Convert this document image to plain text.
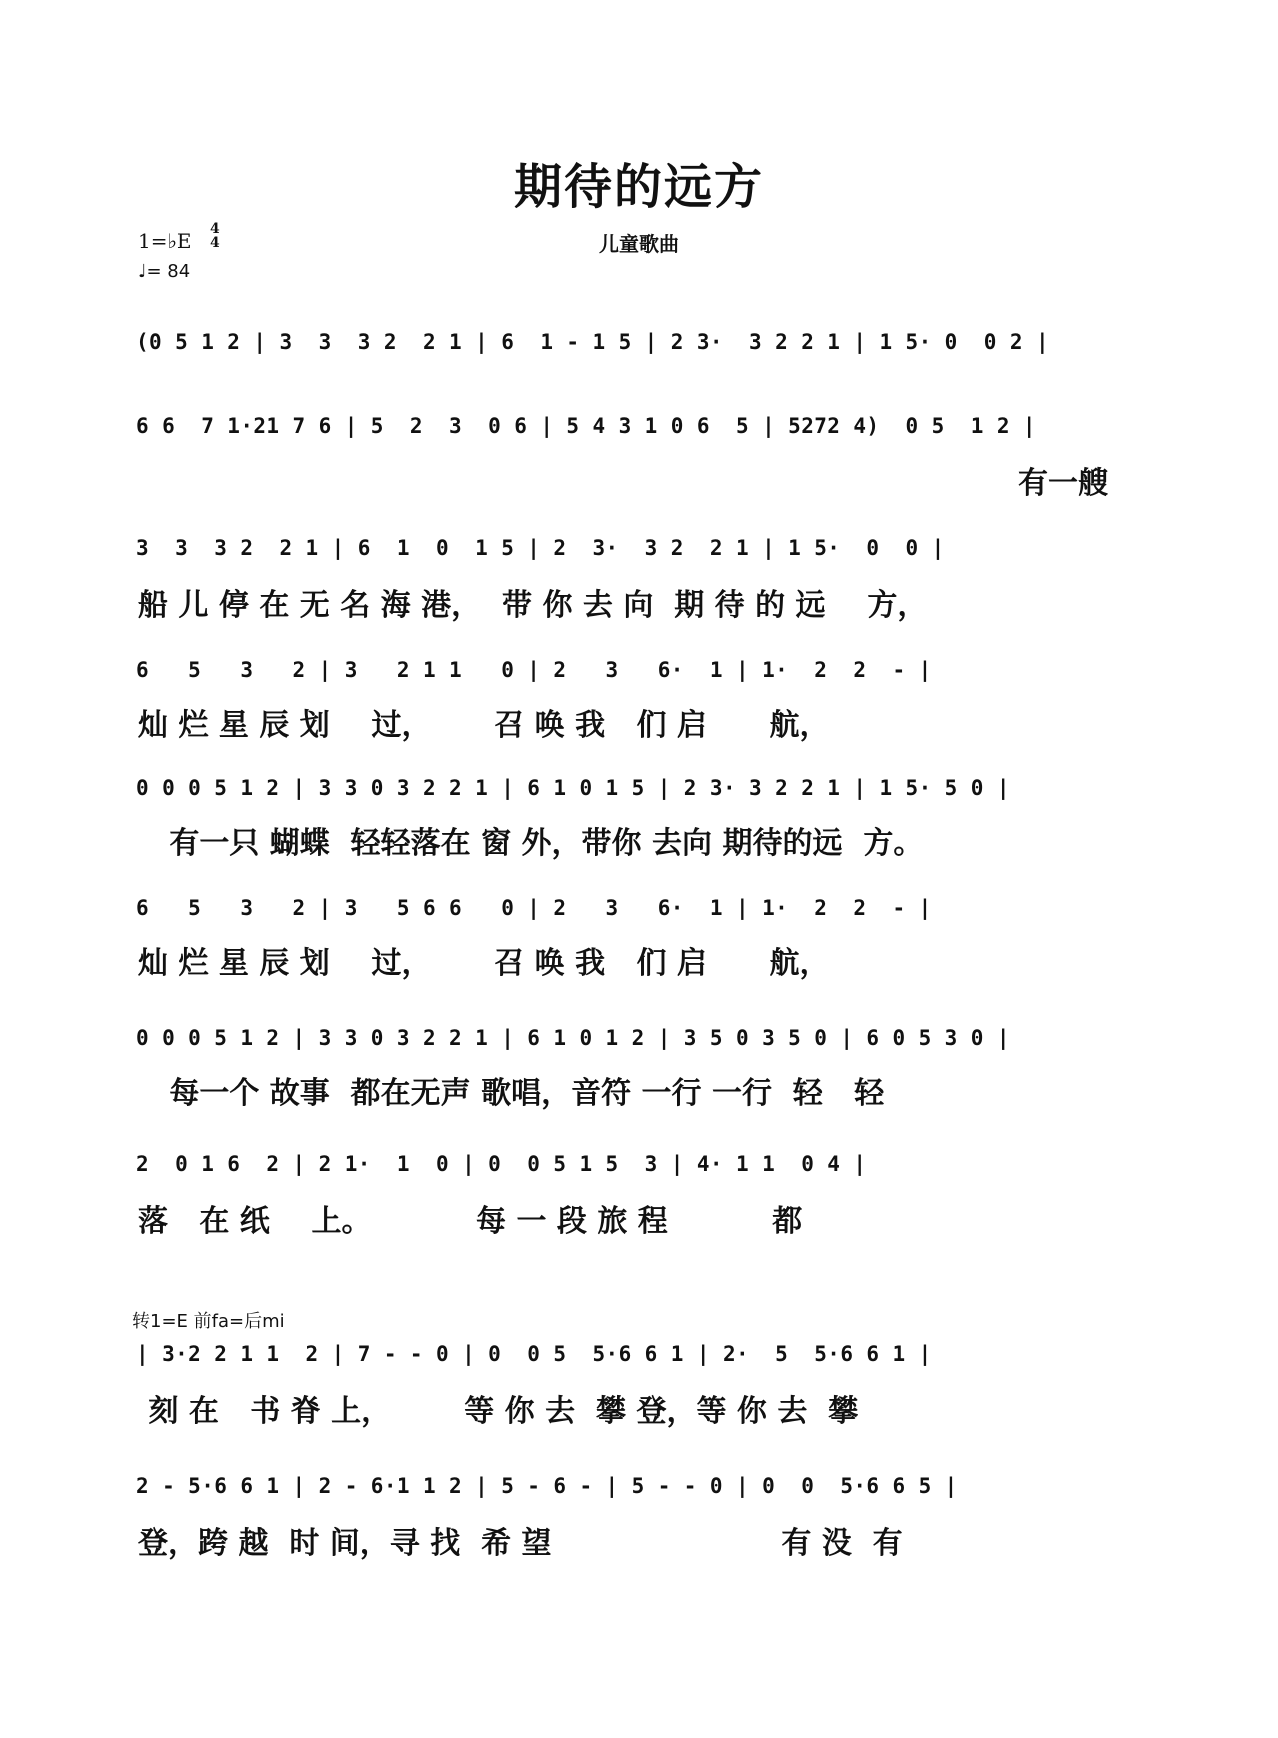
期待的远方
儿童歌曲
1=♭E 4
4
♩= 84
转1=E 前fa=后mi
(0 5 1 2 | 3  3  3 2  2 1 | 6  1 - 1 5 | 2 3·  3 2 2 1 | 1 5· 0  0 2 |
6 6  7 1·21 7 6 | 5  2  3  0 6 | 5 4 3 1 0 6  5 | 5272 4)  0 5  1 2 |
有一艘
3  3  3 2  2 1 | 6  1  0  1 5 | 2  3·  3 2  2 1 | 1 5·  0  0 |
船 儿 停 在 无 名 海 港，  带 你 去 向  期 待 的 远    方，
6   5   3   2 | 3   2 1 1   0 | 2   3   6·  1 | 1·  2  2  - |
灿 烂 星 辰 划    过，      召 唤 我   们 启      航，
0 0 0 5 1 2 | 3 3 0 3 2 2 1 | 6 1 0 1 5 | 2 3· 3 2 2 1 | 1 5· 5 0 |
有一只 蝴蝶  轻轻落在 窗 外，带你 去向 期待的远  方。
6   5   3   2 | 3   5 6 6   0 | 2   3   6·  1 | 1·  2  2  - |
灿 烂 星 辰 划    过，      召 唤 我   们 启      航，
0 0 0 5 1 2 | 3 3 0 3 2 2 1 | 6 1 0 1 2 | 3 5 0 3 5 0 | 6 0 5 3 0 |
每一个 故事  都在无声 歌唱，音符 一行 一行  轻   轻
2  0 1 6  2 | 2 1·  1  0 | 0  0 5 1 5  3 | 4· 1 1  0 4 |
落   在 纸    上。          每 一 段 旅 程          都
| 3·2 2 1 1  2 | 7 - - 0 | 0  0 5  5·6 6 1 | 2·  5  5·6 6 1 |
刻 在   书 脊 上，       等 你 去  攀 登，等 你 去  攀
2 - 5·6 6 1 | 2 - 6·1 1 2 | 5 - 6 - | 5 - - 0 | 0  0  5·6 6 5 |
登，跨 越  时 间，寻 找  希 望                      有 没  有
